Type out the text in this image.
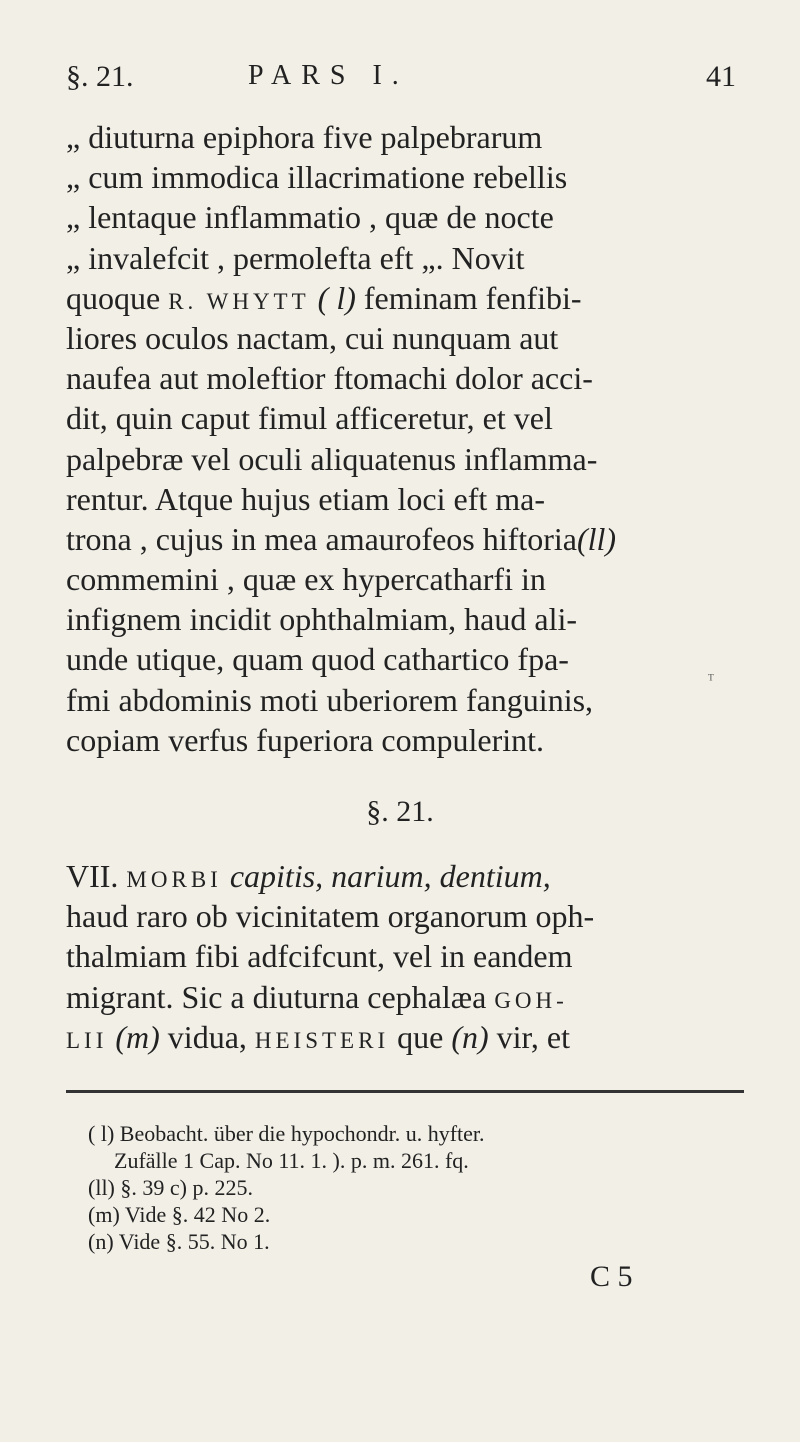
§. 21.	PARS I.	41
„ diuturna epiphora five palpebrarum
„ cum immodica illacrimatione rebellis
„ lentaque inflammatio , quæ de nocte
„ invalefcit , permolefta eft „. Novit
quoque R. WHYTT ( l) feminam fenfibi-
liores oculos nactam, cui nunquam aut
naufea aut moleftior ftomachi dolor acci-
dit, quin caput fimul afficeretur, et vel
palpebræ vel oculi aliquatenus inflamma-
rentur. Atque hujus etiam loci eft ma-
trona , cujus in mea amaurofeos hiftoria(ll)
commemini , quæ ex hypercatharfi in
infignem incidit ophthalmiam, haud ali-
unde utique, quam quod cathartico fpa-
fmi abdominis moti uberiorem fanguinis,
copiam verfus fuperiora compulerint.
ᵀ
§. 21.
VII. MORBI capitis, narium, dentium,
haud raro ob vicinitatem organorum oph-
thalmiam fibi adfcifcunt, vel in eandem
migrant. Sic a diuturna cephalæa GOH-
LII (m) vidua, HEISTERI que (n) vir, et
( l) Beobacht. über die hypochondr. u. hyfter.
Zufälle 1 Cap. No 11. 1. ). p. m. 261. fq.
(ll) §. 39 c) p. 225.
(m) Vide §. 42 No 2.
(n) Vide §. 55. No 1.
C 5
